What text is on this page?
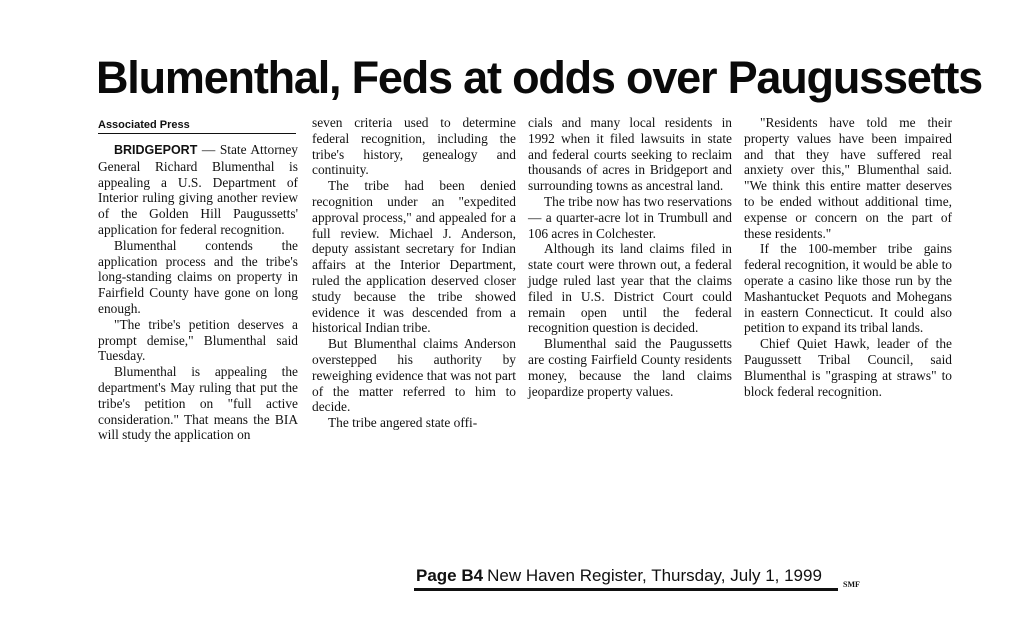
Blumenthal, Feds at odds over Paugussetts
Associated Press

BRIDGEPORT — State Attorney General Richard Blumenthal is appealing a U.S. Department of Interior ruling giving another review of the Golden Hill Paugussetts' application for federal recognition.

Blumenthal contends the application process and the tribe's long-standing claims on property in Fairfield County have gone on long enough.

"The tribe's petition deserves a prompt demise," Blumenthal said Tuesday.

Blumenthal is appealing the department's May ruling that put the tribe's petition on "full active consideration." That means the BIA will study the application on

seven criteria used to determine federal recognition, including the tribe's history, genealogy and continuity.

The tribe had been denied recognition under an "expedited approval process," and appealed for a full review. Michael J. Anderson, deputy assistant secretary for Indian affairs at the Interior Department, ruled the application deserved closer study because the tribe showed evidence it was descended from a historical Indian tribe.

But Blumenthal claims Anderson overstepped his authority by reweighing evidence that was not part of the matter referred to him to decide.

The tribe angered state offi-

cials and many local residents in 1992 when it filed lawsuits in state and federal courts seeking to reclaim thousands of acres in Bridgeport and surrounding towns as ancestral land.

The tribe now has two reservations — a quarter-acre lot in Trumbull and 106 acres in Colchester.

Although its land claims filed in state court were thrown out, a federal judge ruled last year that the claims filed in U.S. District Court could remain open until the federal recognition question is decided.

Blumenthal said the Paugussetts are costing Fairfield County residents money, because the land claims jeopardize property values.

"Residents have told me their property values have been impaired and that they have suffered real anxiety over this," Blumenthal said. "We think this entire matter deserves to be ended without additional time, expense or concern on the part of these residents."

If the 100-member tribe gains federal recognition, it would be able to operate a casino like those run by the Mashantucket Pequots and Mohegans in eastern Connecticut. It could also petition to expand its tribal lands.

Chief Quiet Hawk, leader of the Paugussett Tribal Council, said Blumenthal is "grasping at straws" to block federal recognition.

Page B4 New Haven Register, Thursday, July 1, 1999	SMF
